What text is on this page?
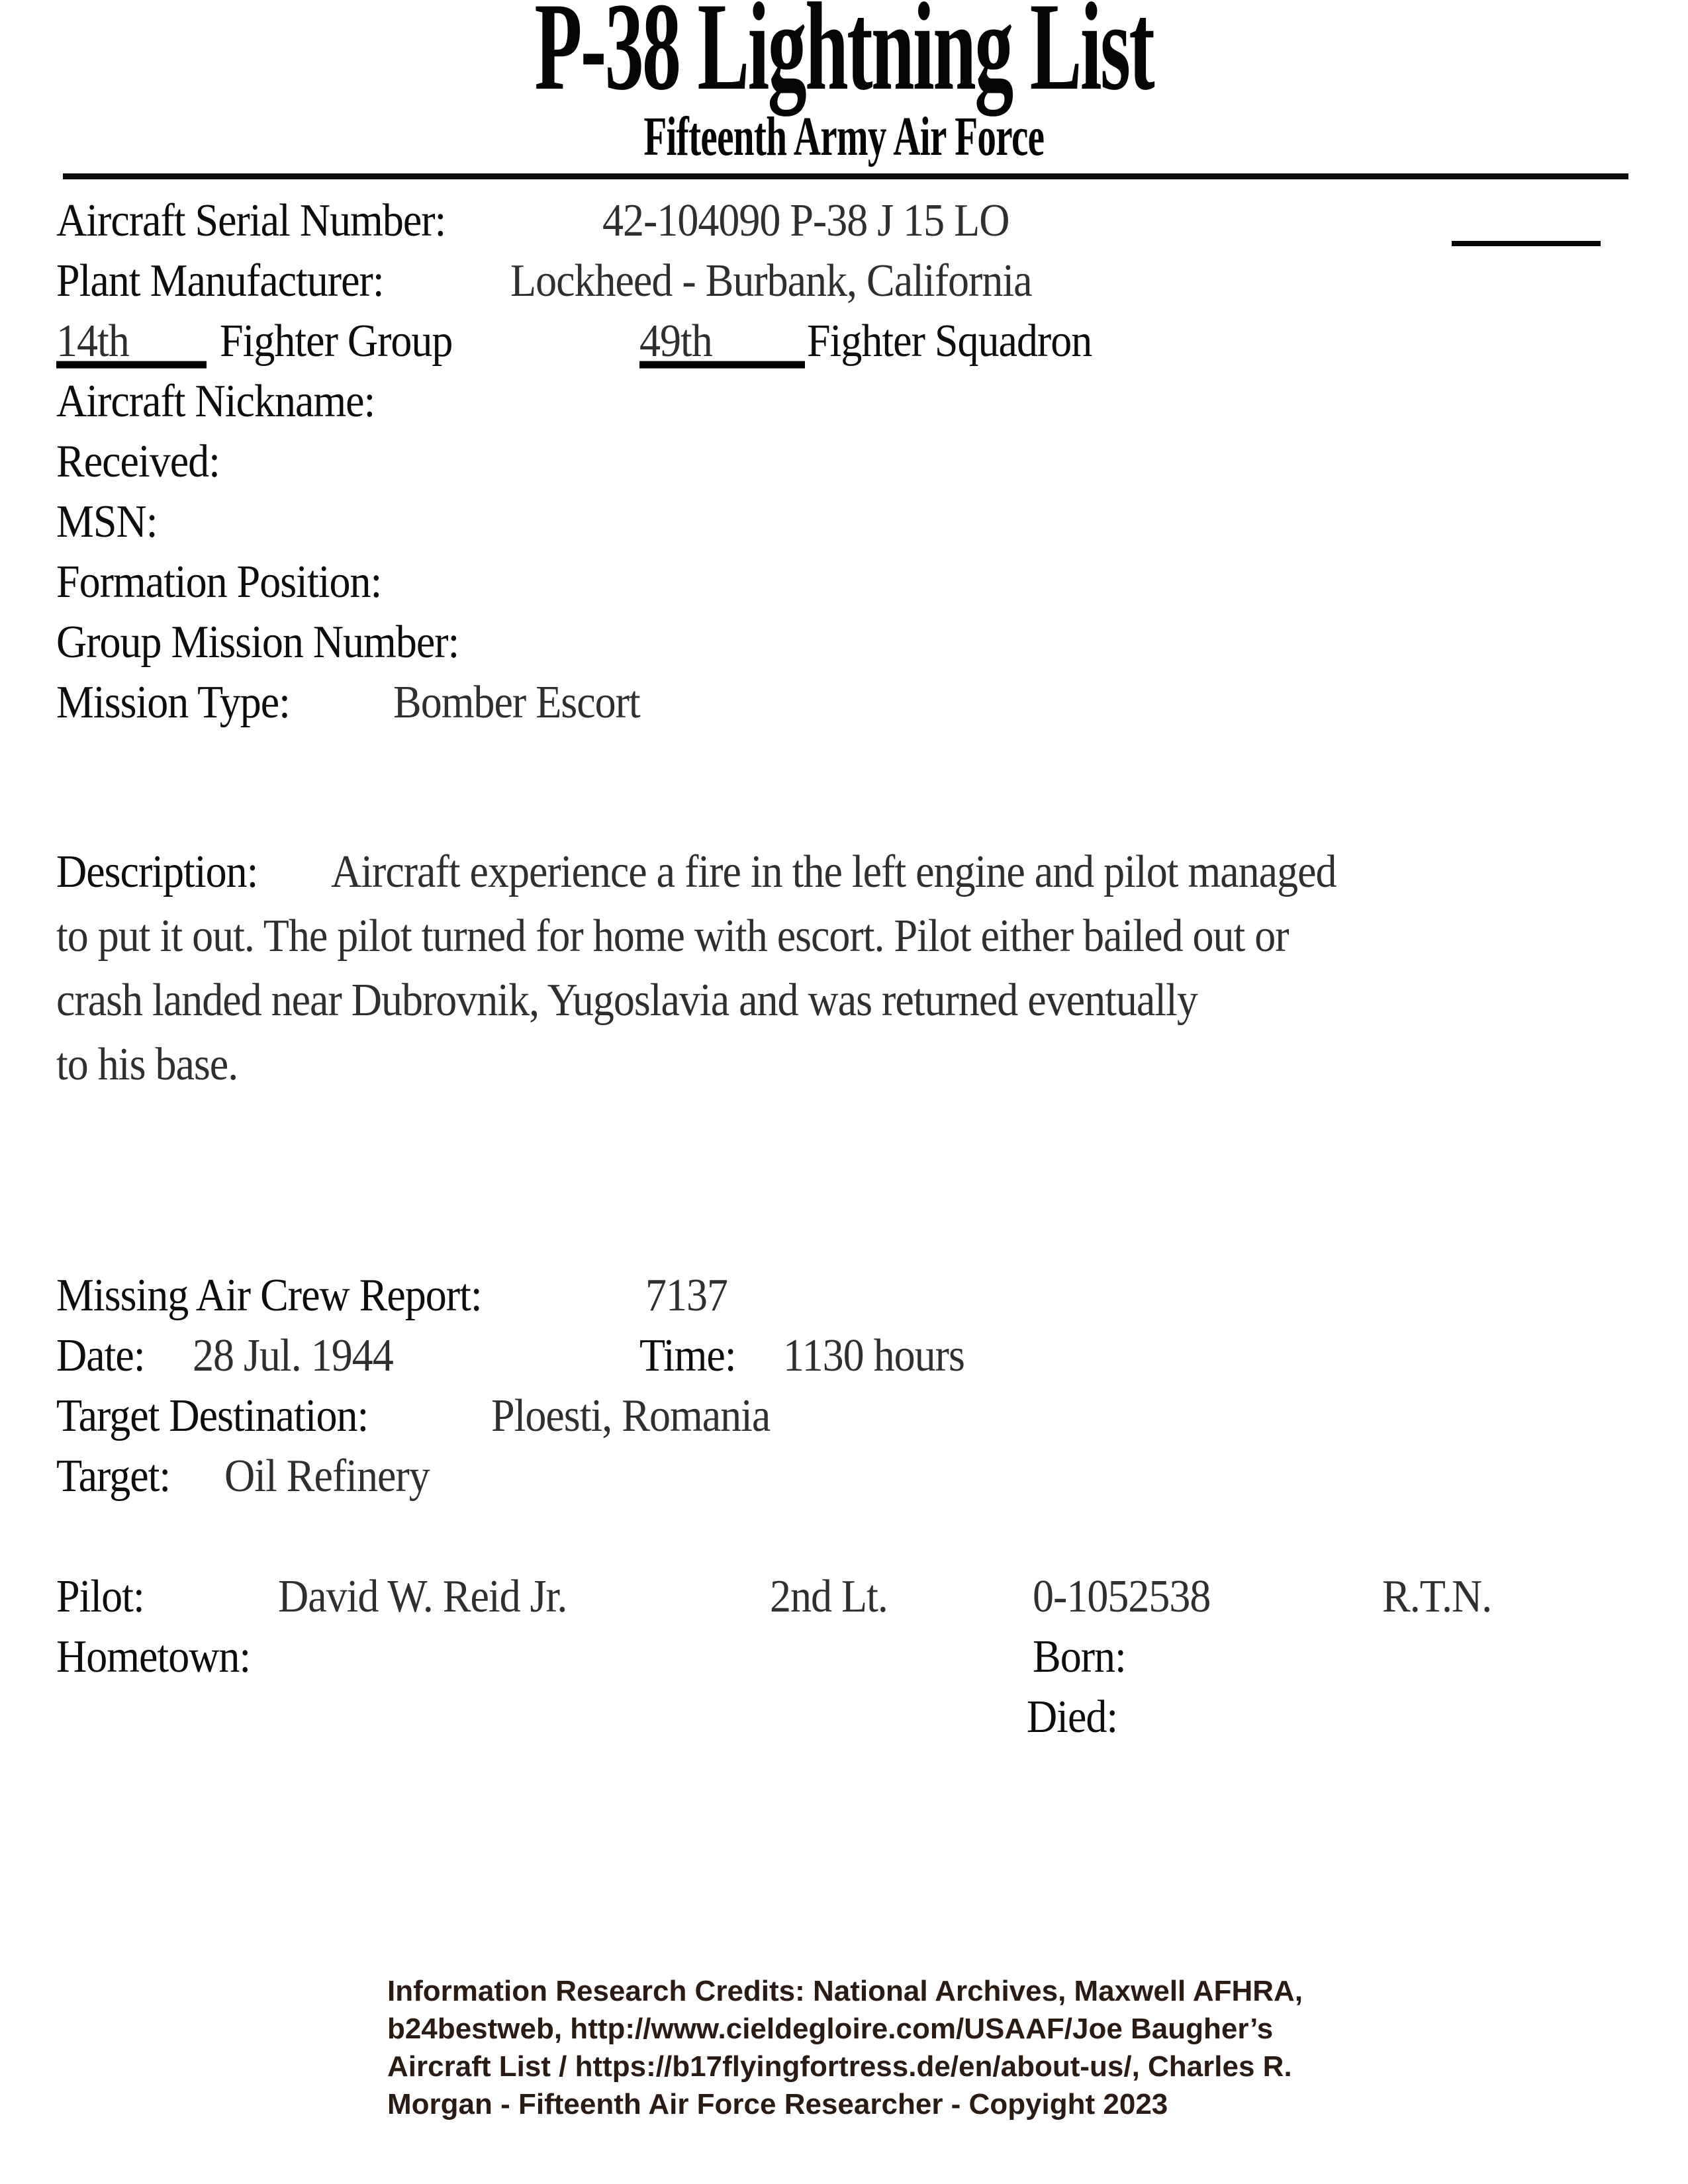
P-38 Lightning List
Fifteenth Army Air Force
Aircraft Serial Number:	42-104090 P-38 J 15 LO
Plant Manufacturer:	Lockheed - Burbank, California
14th	Fighter Group	49th	Fighter Squadron
Aircraft Nickname:
Received:
MSN:
Formation Position:
Group Mission Number:
Mission Type: Bomber Escort
Description: Aircraft experience a fire in the left engine and pilot managed
to put it out. The pilot turned for home with escort. Pilot either bailed out or
crash landed near Dubrovnik, Yugoslavia and was returned eventually
to his base.
Missing Air Crew Report:	7137
Date: 28 Jul. 1944	Time: 1130 hours
Target Destination:	Ploesti, Romania
Target: Oil Refinery
Pilot:	David W. Reid Jr.	2nd Lt.	0-1052538	R.T.N.
Hometown:	Born:
Died:
Information Research Credits: National Archives, Maxwell AFHRA,
b24bestweb, http://www.cieldegloire.com/USAAF/Joe Baugher’s
Aircraft List / https://b17flyingfortress.de/en/about-us/, Charles R.
Morgan - Fifteenth Air Force Researcher - Copyight 2023
